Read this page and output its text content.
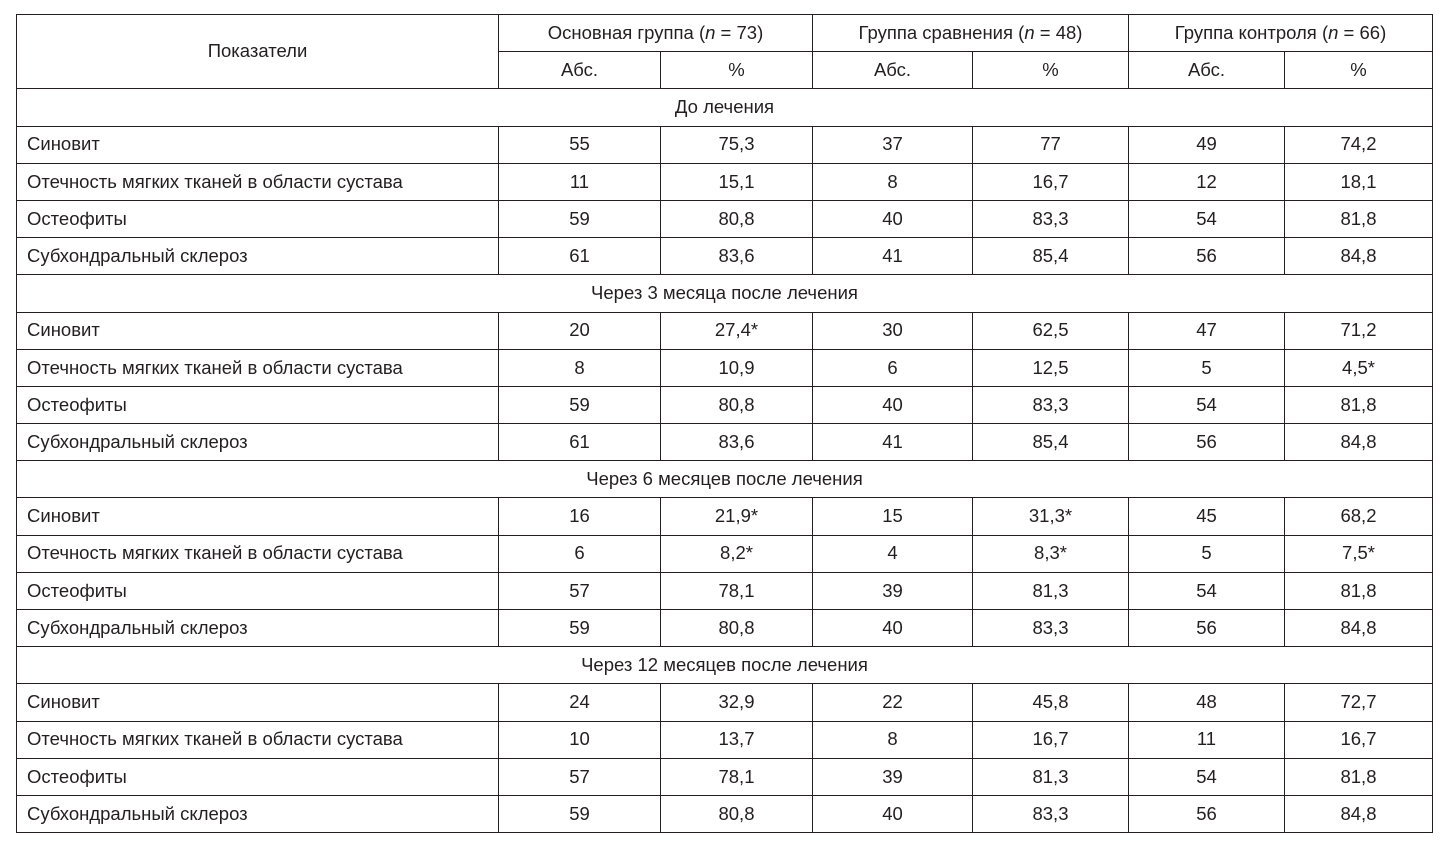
Показатели	Основная группа (n = 73)		Группа сравнения (n = 48)		Группа контроля (n = 66)	
	Абс.	%	Абс.	%	Абс.	%
До лечения						
Синовит	55	75,3	37	77	49	74,2
Отечность мягких тканей в области сустава	11	15,1	8	16,7	12	18,1
Остеофиты	59	80,8	40	83,3	54	81,8
Субхондральный склероз	61	83,6	41	85,4	56	84,8
Через 3 месяца после лечения						
Синовит	20	27,4*	30	62,5	47	71,2
Отечность мягких тканей в области сустава	8	10,9	6	12,5	5	4,5*
Остеофиты	59	80,8	40	83,3	54	81,8
Субхондральный склероз	61	83,6	41	85,4	56	84,8
Через 6 месяцев после лечения						
Синовит	16	21,9*	15	31,3*	45	68,2
Отечность мягких тканей в области сустава	6	8,2*	4	8,3*	5	7,5*
Остеофиты	57	78,1	39	81,3	54	81,8
Субхондральный склероз	59	80,8	40	83,3	56	84,8
Через 12 месяцев после лечения						
Синовит	24	32,9	22	45,8	48	72,7
Отечность мягких тканей в области сустава	10	13,7	8	16,7	11	16,7
Остеофиты	57	78,1	39	81,3	54	81,8
Субхондральный склероз	59	80,8	40	83,3	56	84,8
